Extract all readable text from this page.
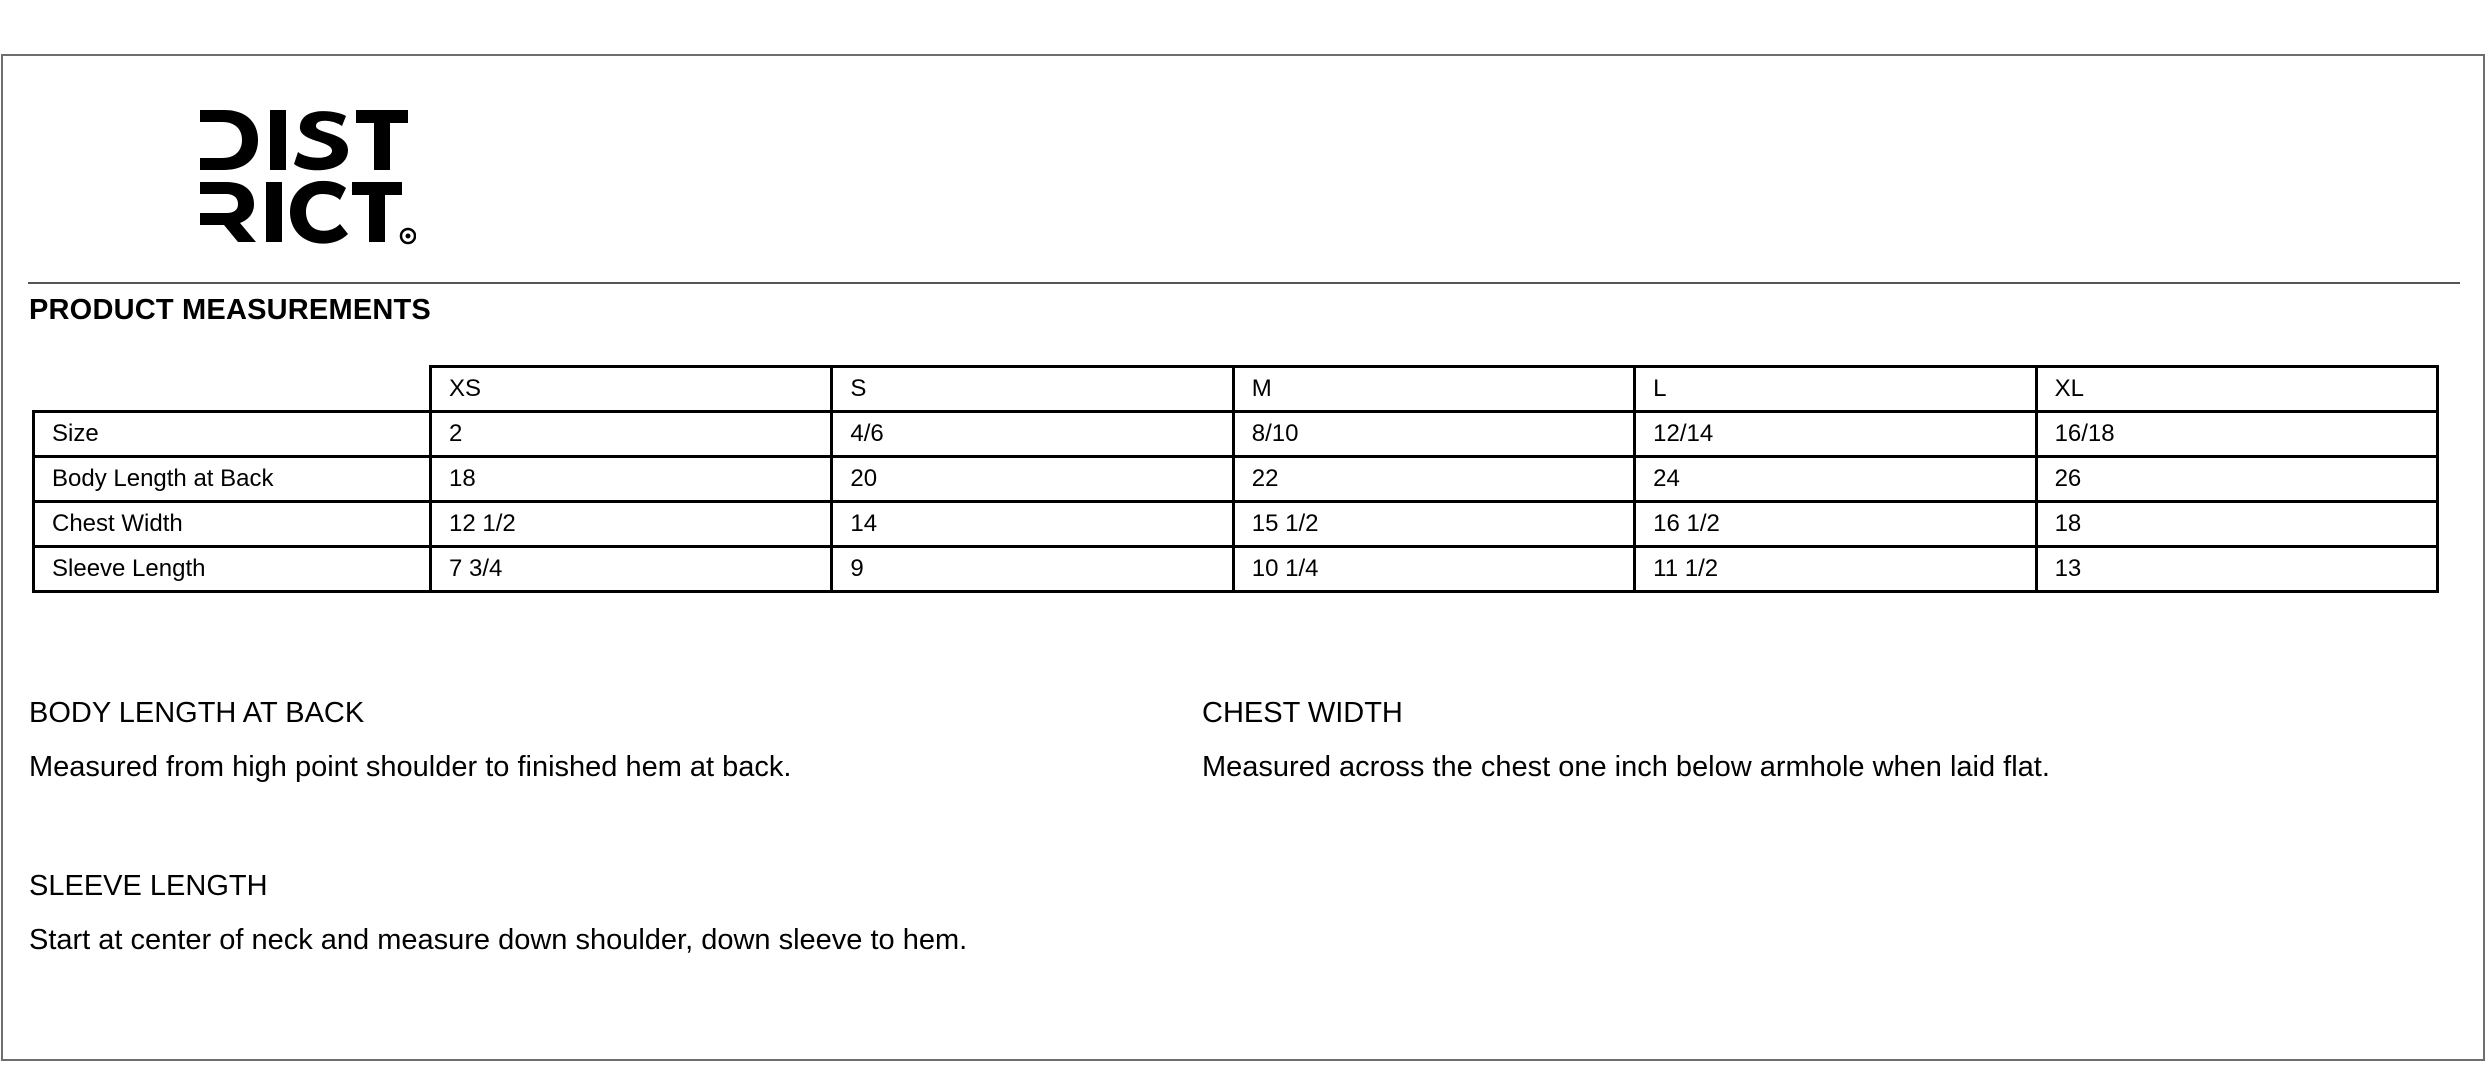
PRODUCT MEASUREMENTS
	XS	S	M	L	XL
Size	2	4/6	8/10	12/14	16/18
Body Length at Back	18	20	22	24	26
Chest Width	12 1/2	14	15 1/2	16 1/2	18
Sleeve Length	7 3/4	9	10 1/4	11 1/2	13
BODY LENGTH AT BACK
Measured from high point shoulder to finished hem at back.
CHEST WIDTH
Measured across the chest one inch below armhole when laid flat.
SLEEVE LENGTH
Start at center of neck and measure down shoulder, down sleeve to hem.
